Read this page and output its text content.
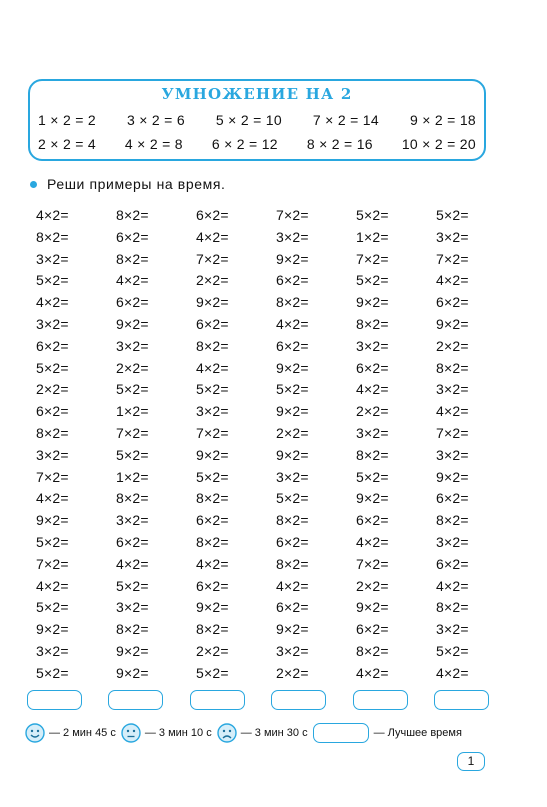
УМНОЖЕНИЕ НА 2
1 × 2 = 2 3 × 2 = 6 5 × 2 = 10 7 × 2 = 14 9 × 2 = 18
2 × 2 = 4 4 × 2 = 8 6 × 2 = 12 8 × 2 = 16 10 × 2 = 20
Реши примеры на время.
4×2=	8×2=	6×2=	7×2=	5×2=	5×2=
8×2=	6×2=	4×2=	3×2=	1×2=	3×2=
3×2=	8×2=	7×2=	9×2=	7×2=	7×2=
5×2=	4×2=	2×2=	6×2=	5×2=	4×2=
4×2=	6×2=	9×2=	8×2=	9×2=	6×2=
3×2=	9×2=	6×2=	4×2=	8×2=	9×2=
6×2=	3×2=	8×2=	6×2=	3×2=	2×2=
5×2=	2×2=	4×2=	9×2=	6×2=	8×2=
2×2=	5×2=	5×2=	5×2=	4×2=	3×2=
6×2=	1×2=	3×2=	9×2=	2×2=	4×2=
8×2=	7×2=	7×2=	2×2=	3×2=	7×2=
3×2=	5×2=	9×2=	9×2=	8×2=	3×2=
7×2=	1×2=	5×2=	3×2=	5×2=	9×2=
4×2=	8×2=	8×2=	5×2=	9×2=	6×2=
9×2=	3×2=	6×2=	8×2=	6×2=	8×2=
5×2=	6×2=	8×2=	6×2=	4×2=	3×2=
7×2=	4×2=	4×2=	8×2=	7×2=	6×2=
4×2=	5×2=	6×2=	4×2=	2×2=	4×2=
5×2=	3×2=	9×2=	6×2=	9×2=	8×2=
9×2=	8×2=	8×2=	9×2=	6×2=	3×2=
3×2=	9×2=	2×2=	3×2=	8×2=	5×2=
5×2=	9×2=	5×2=	2×2=	4×2=	4×2=
— 2 мин 45 с	— 3 мин 10 с	— 3 мин 30 с	— Лучшее время
1
